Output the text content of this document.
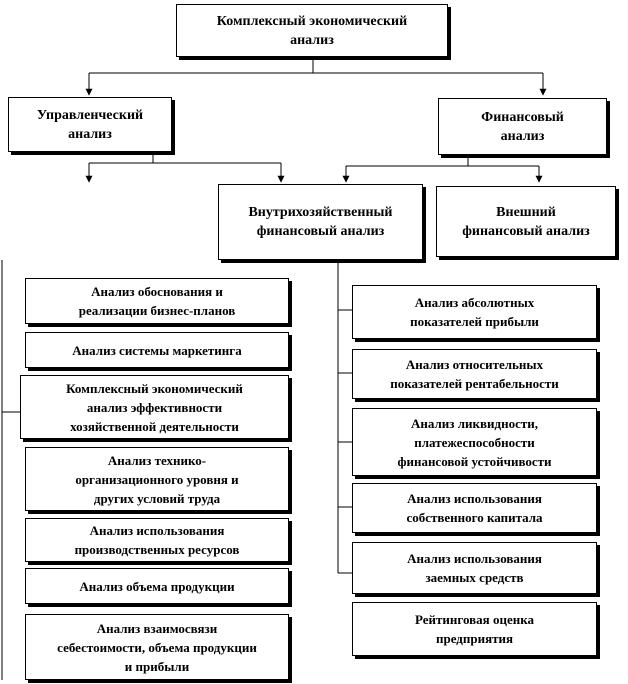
Комплексный экономический
анализ
Управленческий
анализ
Финансовый
анализ
Внутрихозяйственный
финансовый анализ
Внешний
финансовый анализ
Анализ обоснования и
реализации бизнес-планов
Анализ системы маркетинга
Комплексный экономический
анализ эффективности
хозяйственной деятельности
Анализ технико-
организационного уровня и
других условий труда
Анализ использования
производственных ресурсов
Анализ объема продукции
Анализ взаимосвязи
себестоимости, объема продукции
и прибыли
Анализ абсолютных
показателей прибыли
Анализ относительных
показателей рентабельности
Анализ ликвидности,
платежеспособности
финансовой устойчивости
Анализ использования
собственного капитала
Анализ использования
заемных средств
Рейтинговая оценка
предприятия
